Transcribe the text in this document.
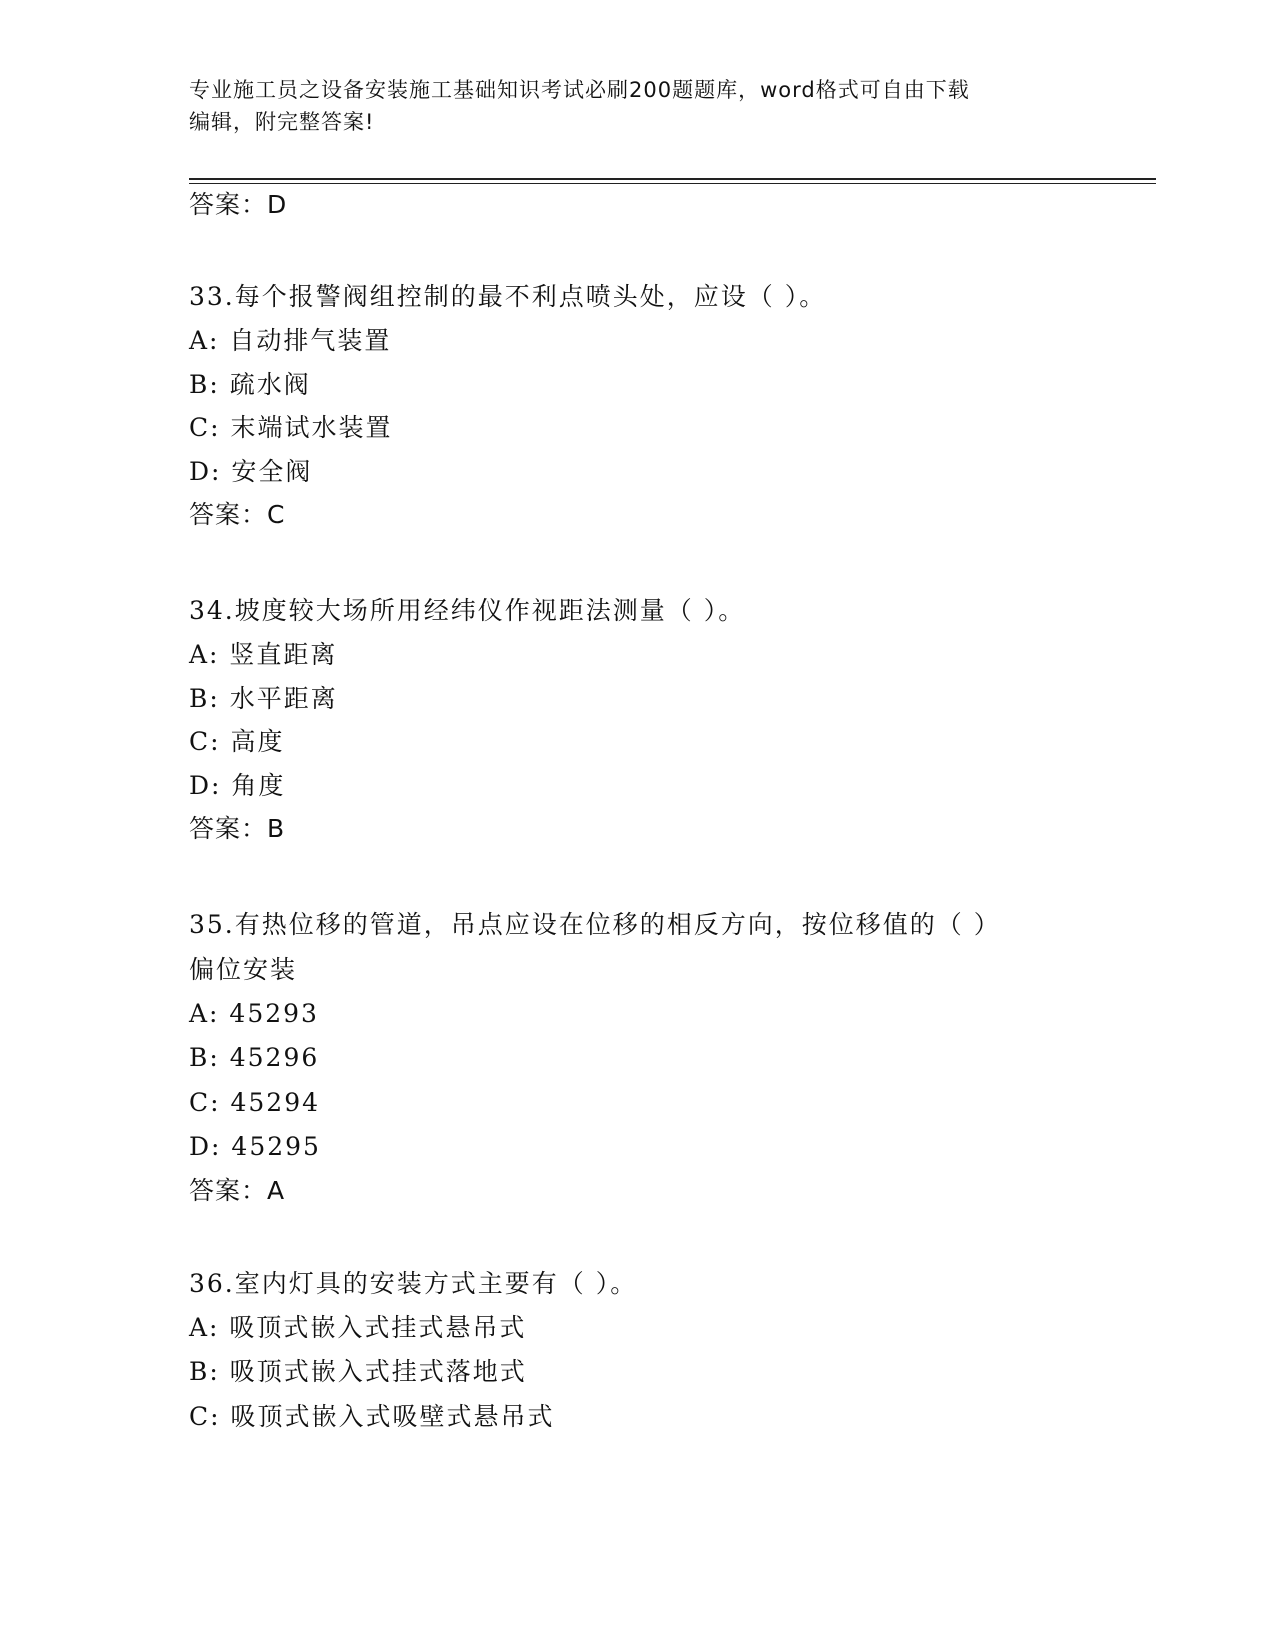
专业施工员之设备安装施工基础知识考试必刷200题题库，word格式可自由下载
编辑，附完整答案!
答案：D
33.每个报警阀组控制的最不利点喷头处，应设（ ）。
A: 自动排气装置
B: 疏水阀
C: 末端试水装置
D: 安全阀
答案：C
34.坡度较大场所用经纬仪作视距法测量（ ）。
A: 竖直距离
B: 水平距离
C: 高度
D: 角度
答案：B
35.有热位移的管道，吊点应设在位移的相反方向，按位移值的（ ）
偏位安装
A: 45293
B: 45296
C: 45294
D: 45295
答案：A
36.室内灯具的安装方式主要有（ ）。
A: 吸顶式嵌入式挂式悬吊式
B: 吸顶式嵌入式挂式落地式
C: 吸顶式嵌入式吸壁式悬吊式
